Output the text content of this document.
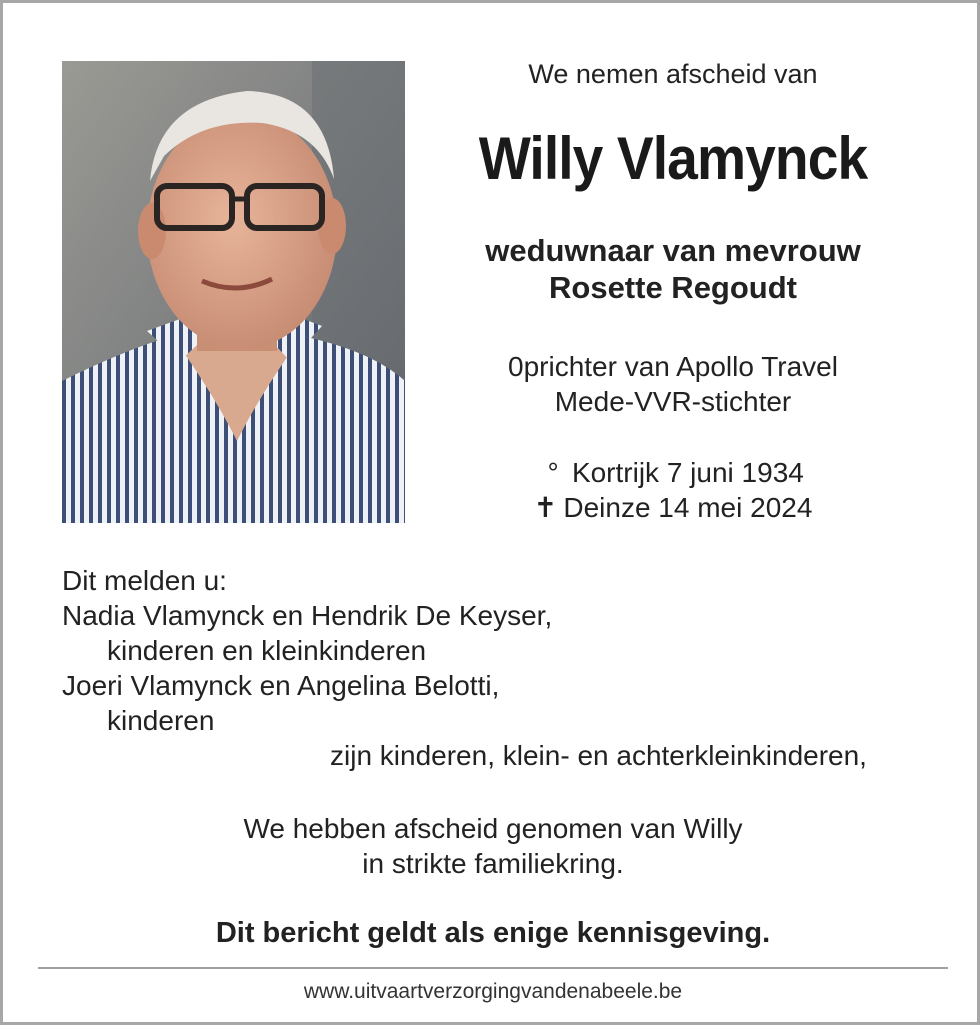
We nemen afscheid van
Willy Vlamynck
weduwnaar van mevrouw
Rosette Regoudt
0prichter van Apollo Travel
Mede-VVR-stichter
° Kortrijk 7 juni 1934
✝ Deinze 14 mei 2024
Dit melden u:
Nadia Vlamynck en Hendrik De Keyser,
kinderen en kleinkinderen
Joeri Vlamynck en Angelina Belotti,
kinderen
zijn kinderen, klein- en achterkleinkinderen,
We hebben afscheid genomen van Willy
in strikte familiekring.
Dit bericht geldt als enige kennisgeving.
www.uitvaartverzorgingvandenabeele.be
